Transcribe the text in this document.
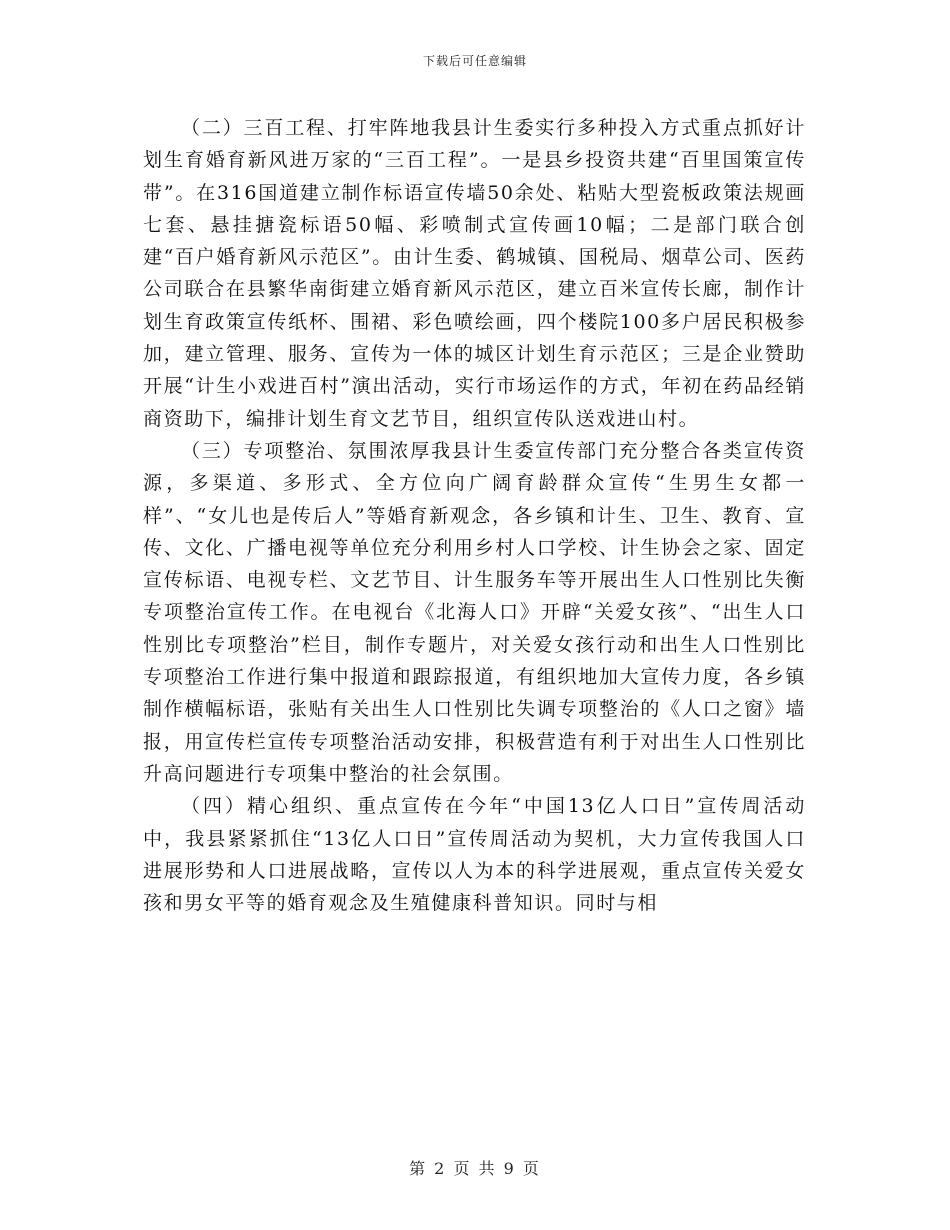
下载后可任意编辑

（二）三百工程、打牢阵地我县计生委实行多种投入方式重点抓好计划生育婚育新风进万家的“三百工程”。一是县乡投资共建“百里国策宣传带”。在316国道建立制作标语宣传墙50余处、粘贴大型瓷板政策法规画七套、悬挂搪瓷标语50幅、彩喷制式宣传画10幅；二是部门联合创建“百户婚育新风示范区”。由计生委、鹤城镇、国税局、烟草公司、医药公司联合在县繁华南街建立婚育新风示范区，建立百米宣传长廊，制作计划生育政策宣传纸杯、围裙、彩色喷绘画，四个楼院100多户居民积极参加，建立管理、服务、宣传为一体的城区计划生育示范区；三是企业赞助开展“计生小戏进百村”演出活动，实行市场运作的方式，年初在药品经销商资助下，编排计划生育文艺节目，组织宣传队送戏进山村。

（三）专项整治、氛围浓厚我县计生委宣传部门充分整合各类宣传资源，多渠道、多形式、全方位向广阔育龄群众宣传“生男生女都一样”、“女儿也是传后人”等婚育新观念，各乡镇和计生、卫生、教育、宣传、文化、广播电视等单位充分利用乡村人口学校、计生协会之家、固定宣传标语、电视专栏、文艺节目、计生服务车等开展出生人口性别比失衡专项整治宣传工作。在电视台《北海人口》开辟“关爱女孩”、“出生人口性别比专项整治”栏目，制作专题片，对关爱女孩行动和出生人口性别比专项整治工作进行集中报道和跟踪报道，有组织地加大宣传力度，各乡镇制作横幅标语，张贴有关出生人口性别比失调专项整治的《人口之窗》墙报，用宣传栏宣传专项整治活动安排，积极营造有利于对出生人口性别比升高问题进行专项集中整治的社会氛围。

（四）精心组织、重点宣传在今年“中国13亿人口日”宣传周活动中，我县紧紧抓住“13亿人口日”宣传周活动为契机，大力宣传我国人口进展形势和人口进展战略，宣传以人为本的科学进展观，重点宣传关爱女孩和男女平等的婚育观念及生殖健康科普知识。同时与相

第 2 页 共 9 页
